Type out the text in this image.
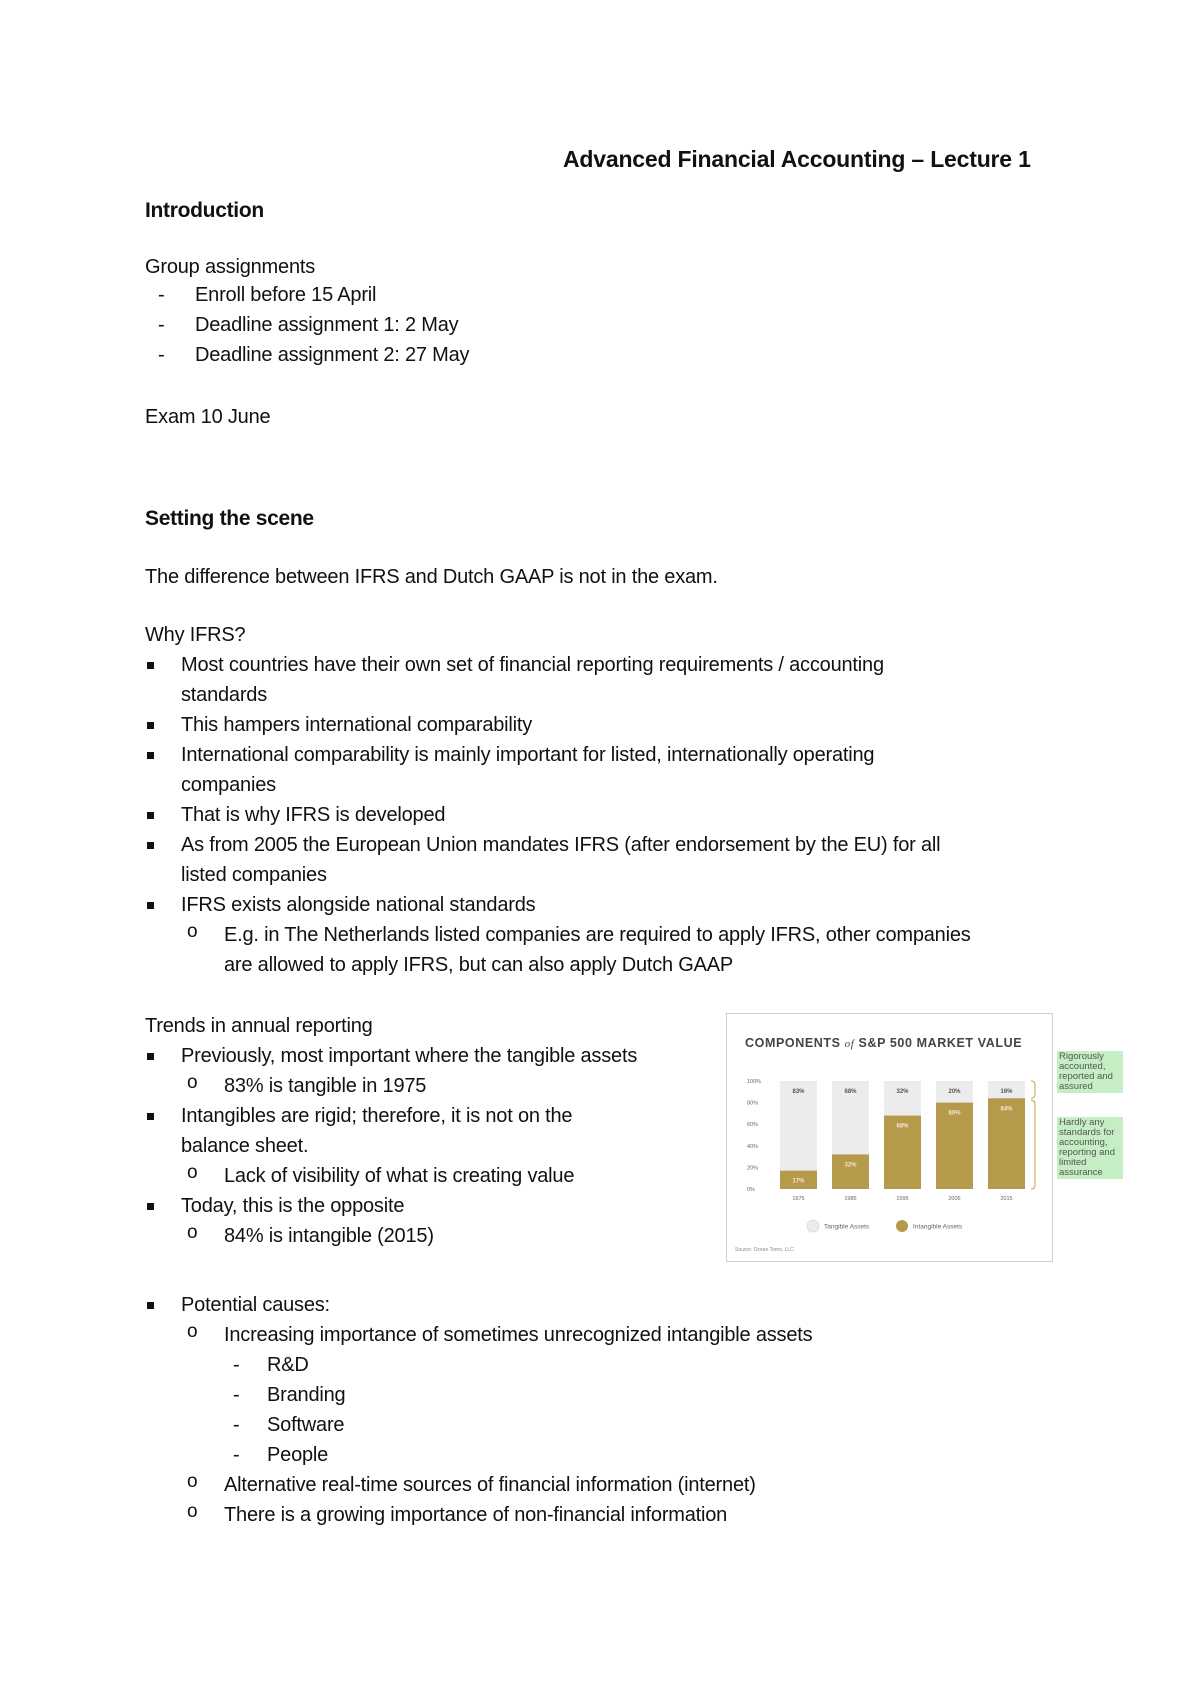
Advanced Financial Accounting – Lecture 1
Introduction
Group assignments
- Enroll before 15 April
- Deadline assignment 1: 2 May
- Deadline assignment 2: 27 May
Exam 10 June
Setting the scene
The difference between IFRS and Dutch GAAP is not in the exam.
Why IFRS?
Most countries have their own set of financial reporting requirements / accounting
standards
This hampers international comparability
International comparability is mainly important for listed, internationally operating
companies
That is why IFRS is developed
As from 2005 the European Union mandates IFRS (after endorsement by the EU) for all
listed companies
IFRS exists alongside national standards
o E.g. in The Netherlands listed companies are required to apply IFRS, other companies
are allowed to apply IFRS, but can also apply Dutch GAAP
Trends in annual reporting
Previously, most important where the tangible assets
o 83% is tangible in 1975
Intangibles are rigid; therefore, it is not on the
balance sheet.
o Lack of visibility of what is creating value
Today, this is the opposite
o 84% is intangible (2015)
COMPONENTS of S&P 500 MARKET VALUE
100%
80%
60%
40%
20%
0%
83%
17%
1975
68%
32%
1985
32%
68%
1995
20%
80%
2005
16%
84%
2015
Tangible Assets	Intangible Assets
Source: Ocean Tomo, LLC
Rigorously accounted, reported and assured
Hardly any standards for accounting, reporting and limited assurance
Potential causes:
o Increasing importance of sometimes unrecognized intangible assets
- R&D
- Branding
- Software
- People
o Alternative real-time sources of financial information (internet)
o There is a growing importance of non-financial information
